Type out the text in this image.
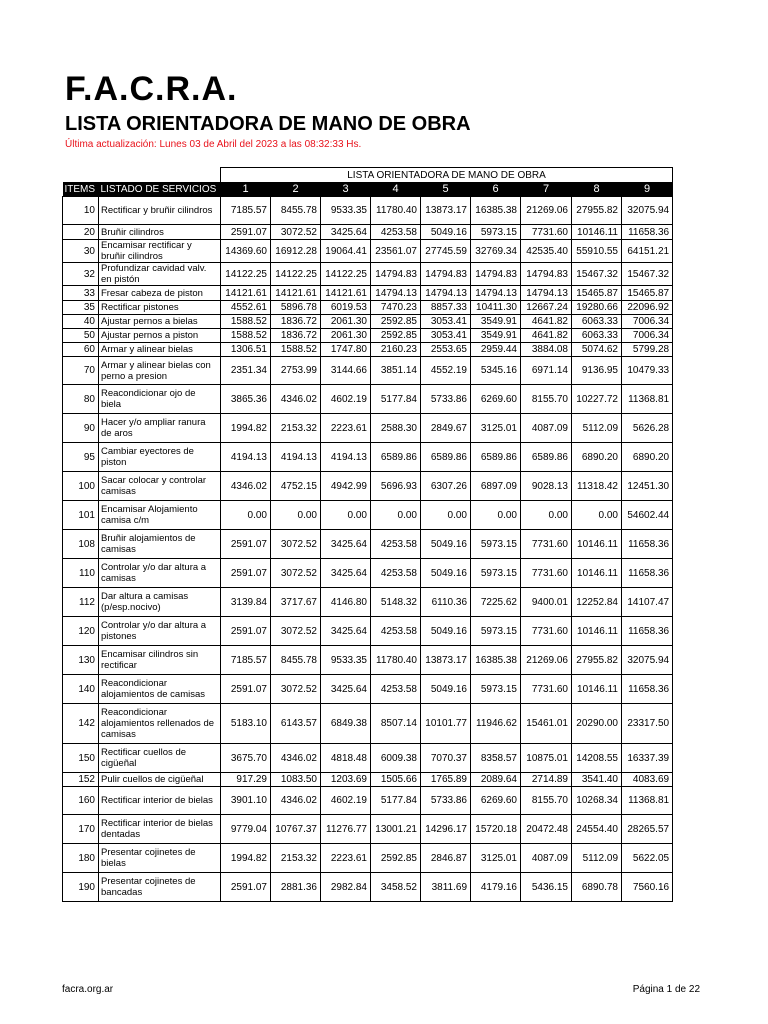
F.A.C.R.A.
LISTA ORIENTADORA DE MANO DE OBRA
Última actualización: Lunes 03 de Abril del 2023 a las 08:32:33 Hs.
		LISTA ORIENTADORA DE MANO DE OBRA								
ITEMS	LISTADO DE SERVICIOS	1	2	3	4	5	6	7	8	9
10	Rectificar y bruñir cilindros	7185.57	8455.78	9533.35	11780.40	13873.17	16385.38	21269.06	27955.82	32075.94
20	Bruñir cilindros	2591.07	3072.52	3425.64	4253.58	5049.16	5973.15	7731.60	10146.11	11658.36
30	Encamisar rectificar y bruñir cilindros	14369.60	16912.28	19064.41	23561.07	27745.59	32769.34	42535.40	55910.55	64151.21
32	Profundizar cavidad valv. en pistón	14122.25	14122.25	14122.25	14794.83	14794.83	14794.83	14794.83	15467.32	15467.32
33	Fresar cabeza de piston	14121.61	14121.61	14121.61	14794.13	14794.13	14794.13	14794.13	15465.87	15465.87
35	Rectificar pistones	4552.61	5896.78	6019.53	7470.23	8857.33	10411.30	12667.24	19280.66	22096.92
40	Ajustar pernos a bielas	1588.52	1836.72	2061.30	2592.85	3053.41	3549.91	4641.82	6063.33	7006.34
50	Ajustar pernos a piston	1588.52	1836.72	2061.30	2592.85	3053.41	3549.91	4641.82	6063.33	7006.34
60	Armar y alinear bielas	1306.51	1588.52	1747.80	2160.23	2553.65	2959.44	3884.08	5074.62	5799.28
70	Armar y alinear bielas con perno a presion	2351.34	2753.99	3144.66	3851.14	4552.19	5345.16	6971.14	9136.95	10479.33
80	Reacondicionar ojo de biela	3865.36	4346.02	4602.19	5177.84	5733.86	6269.60	8155.70	10227.72	11368.81
90	Hacer y/o ampliar ranura de aros	1994.82	2153.32	2223.61	2588.30	2849.67	3125.01	4087.09	5112.09	5626.28
95	Cambiar eyectores de piston	4194.13	4194.13	4194.13	6589.86	6589.86	6589.86	6589.86	6890.20	6890.20
100	Sacar colocar y controlar camisas	4346.02	4752.15	4942.99	5696.93	6307.26	6897.09	9028.13	11318.42	12451.30
101	Encamisar Alojamiento camisa c/m	0.00	0.00	0.00	0.00	0.00	0.00	0.00	0.00	54602.44
108	Bruñir alojamientos de camisas	2591.07	3072.52	3425.64	4253.58	5049.16	5973.15	7731.60	10146.11	11658.36
110	Controlar y/o dar altura a camisas	2591.07	3072.52	3425.64	4253.58	5049.16	5973.15	7731.60	10146.11	11658.36
112	Dar altura a camisas (p/esp.nocivo)	3139.84	3717.67	4146.80	5148.32	6110.36	7225.62	9400.01	12252.84	14107.47
120	Controlar y/o dar altura a pistones	2591.07	3072.52	3425.64	4253.58	5049.16	5973.15	7731.60	10146.11	11658.36
130	Encamisar cilindros sin rectificar	7185.57	8455.78	9533.35	11780.40	13873.17	16385.38	21269.06	27955.82	32075.94
140	Reacondicionar alojamientos de camisas	2591.07	3072.52	3425.64	4253.58	5049.16	5973.15	7731.60	10146.11	11658.36
142	Reacondicionar alojamientos rellenados de camisas	5183.10	6143.57	6849.38	8507.14	10101.77	11946.62	15461.01	20290.00	23317.50
150	Rectificar cuellos de cigüeñal	3675.70	4346.02	4818.48	6009.38	7070.37	8358.57	10875.01	14208.55	16337.39
152	Pulir cuellos de cigüeñal	917.29	1083.50	1203.69	1505.66	1765.89	2089.64	2714.89	3541.40	4083.69
160	Rectificar interior de bielas	3901.10	4346.02	4602.19	5177.84	5733.86	6269.60	8155.70	10268.34	11368.81
170	Rectificar interior de bielas dentadas	9779.04	10767.37	11276.77	13001.21	14296.17	15720.18	20472.48	24554.40	28265.57
180	Presentar cojinetes de bielas	1994.82	2153.32	2223.61	2592.85	2846.87	3125.01	4087.09	5112.09	5622.05
190	Presentar cojinetes de bancadas	2591.07	2881.36	2982.84	3458.52	3811.69	4179.16	5436.15	6890.78	7560.16
facra.org.ar	Página 1 de 22
